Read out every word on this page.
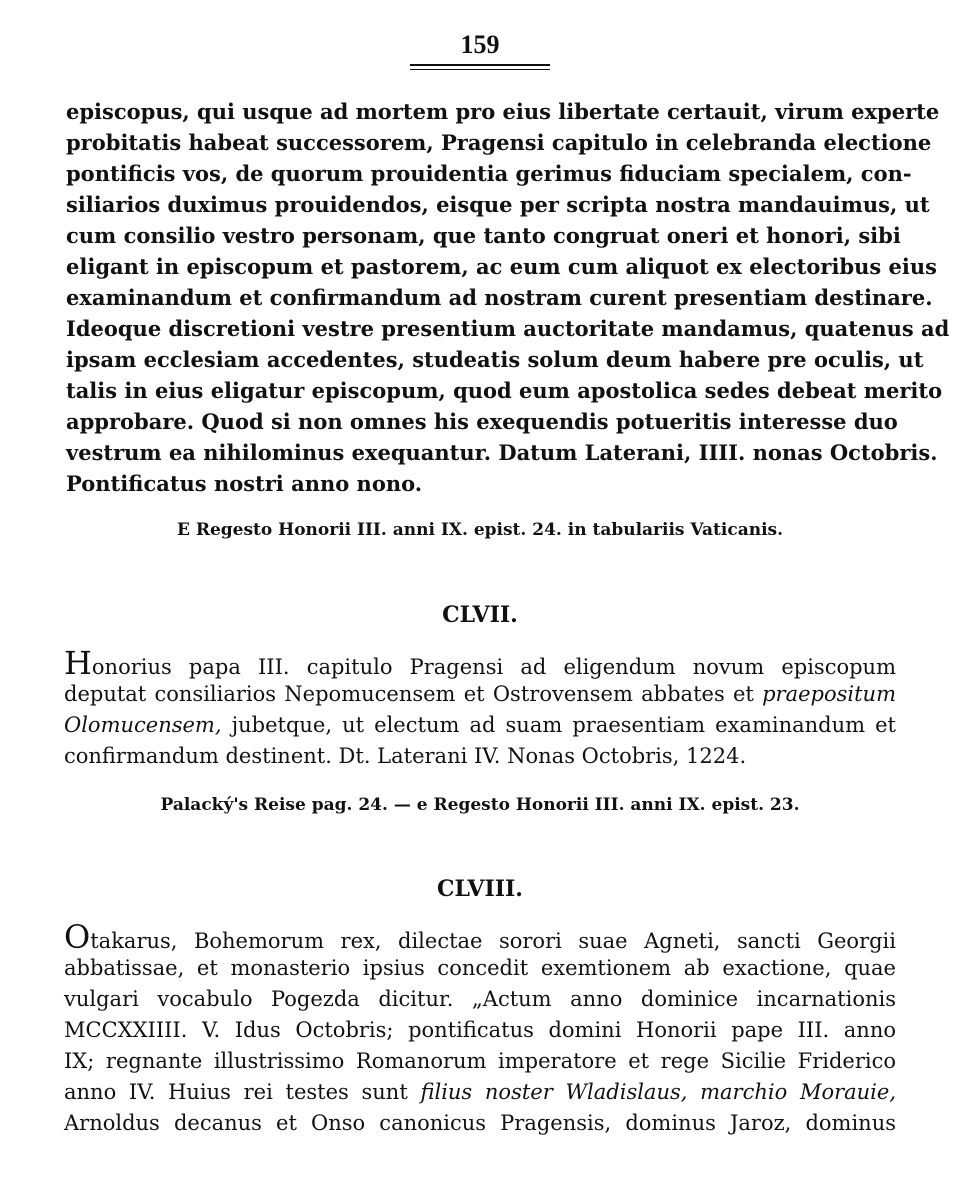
159
episcopus, qui usque ad mortem pro eius libertate certauit, virum experte
probitatis habeat successorem, Pragensi capitulo in celebranda electione
pontificis vos, de quorum prouidentia gerimus fiduciam specialem, con-
siliarios duximus prouidendos, eisque per scripta nostra mandauimus, ut
cum consilio vestro personam, que tanto congruat oneri et honori, sibi
eligant in episcopum et pastorem, ac eum cum aliquot ex electoribus eius
examinandum et confirmandum ad nostram curent presentiam destinare.
Ideoque discretioni vestre presentium auctoritate mandamus, quatenus ad
ipsam ecclesiam accedentes, studeatis solum deum habere pre oculis, ut
talis in eius eligatur episcopum, quod eum apostolica sedes debeat merito
approbare. Quod si non omnes his exequendis potueritis interesse duo
vestrum ea nihilominus exequantur. Datum Laterani, IIII. nonas Octobris.
Pontificatus nostri anno nono.
E Regesto Honorii III. anni IX. epist. 24. in tabulariis Vaticanis.
CLVII.
Honorius papa III. capitulo Pragensi ad eligendum novum episcopum
deputat consiliarios Nepomucensem et Ostrovensem abbates et praepositum
Olomucensem, jubetque, ut electum ad suam praesentiam examinandum et
confirmandum destinent. Dt. Laterani IV. Nonas Octobris, 1224.
Palacký's Reise pag. 24. — e Regesto Honorii III. anni IX. epist. 23.
CLVIII.
Otakarus, Bohemorum rex, dilectae sorori suae Agneti, sancti Georgii
abbatissae, et monasterio ipsius concedit exemtionem ab exactione, quae
vulgari vocabulo Pogezda dicitur. „Actum anno dominice incarnationis
MCCXXIIII. V. Idus Octobris; pontificatus domini Honorii pape III. anno
IX; regnante illustrissimo Romanorum imperatore et rege Sicilie Friderico
anno IV. Huius rei testes sunt filius noster Wladislaus, marchio Morauie,
Arnoldus decanus et Onso canonicus Pragensis, dominus Jaroz, dominus
